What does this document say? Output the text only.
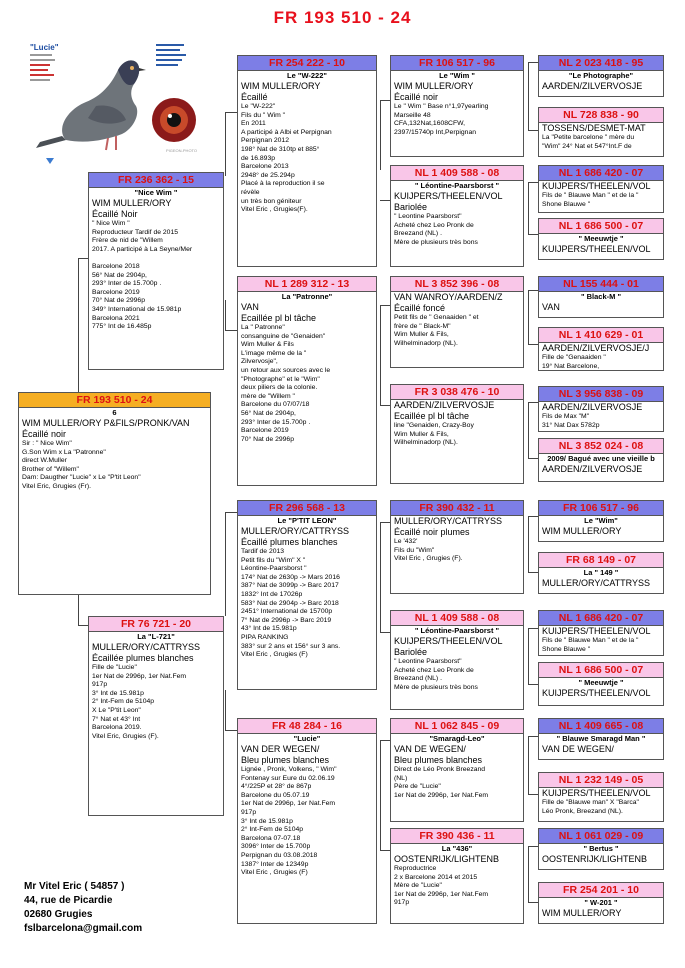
FR 193 510 - 24
"Lucie"
PIGEON-PHOTO
FR 193 510 - 24
6
WIM MULLER/ORY P&FILS/PRONK/VAN
Écaillé noir
Sir : " Nice Wim"
G.Son Wim x La "Patronne"
direct W.Muller
Brother of "Willem"
Dam: Daugther "Lucie" x Le "P'tit Leon"
Vitel Eric, Grugies (Fr).
FR 236 362 - 15
"Nice Wim "
WIM MULLER/ORY
Écaillé Noir
" Nice Wim "
Reproducteur Tardif de 2015
Frère de nid de "Willem
2017. A participé à La Seyne/Mer

Barcelone 2018
56° Nat de 2904p,
293° Inter de 15.700p .
Barcelone 2019
70° Nat de 2996p
349° International de 15.981p
Barcelona 2021
775° Int de 16.485p
FR 76 721 - 20
La "L-721"
MULLER/ORY/CATTRYSS
Écaillée plumes blanches
Fille de "Lucie"
1er Nat de 2996p, 1er Nat.Fem
917p
3° Int de 15.981p
2° Int-Fem de 5104p
X Le "P'tit Leon"
7° Nat et 43° Int
Barcelona 2019.
Vitel Eric, Grugies (F).
FR 254 222 - 10
Le "W-222"
WIM MULLER/ORY
Écaillé
Le "W-222"
Fils du " Wim "
En 2011
A participé à Albi et Perpignan
Perpignan 2012
198° Nat de 310tp et 885°
de 16.893p
Barcelone 2013
2948° de 25.294p
Placé à la reproduction il se
révèle
un très bon géniteur
Vitel Eric , Grugies(F).
NL 1 289 312 - 13
La "Patronne"
VAN
Ecaillée pl bl tâche
La " Patronne"
consanguine de "Genaiden"
Wim Muller & Fils
L'image même de la "
Zilvervosje",
un retour aux sources avec le
"Photographe" et le "Wim"
deux piliers de la colonie.
mère de "Willem "
Barcelone du 07/07/18
56° Nat de 2904p,
293° Inter de 15.700p .
Barcelone 2019
70° Nat de 2996p
FR 296 568 - 13
Le "P'TIT LEON"
MULLER/ORY/CATTRYSS
Écaillé plumes blanches
Tardif de 2013
Petit fils du "Wim" X "
Léontine-Paarsborst "
174° Nat de 2630p -> Mars 2016
387° Nat de 3099p -> Barc 2017
1832° Int de 17026p
583° Nat de 2904p -> Barc 2018
2451° International de 15700p
7° Nat de 2996p -> Barc 2019
43° Int de 15.981p
PIPA RANKING
383° sur 2 ans et 156° sur 3 ans.
Vitel Eric , Grugies (F)
FR 48 284 - 16
"Lucie"
VAN DER WEGEN/
Bleu plumes blanches
Lignée , Pronk, Volkens, " Wim"
Fontenay sur Eure du 02.06.19
4°/225P et 28° de 867p
Barcelone du 05.07.19
1er Nat de 2996p, 1er Nat.Fem
917p
3° Int de 15.981p
2° Int-Fem de 5104p
Barcelona 07-07.18
3096° Inter de 15.700p
Perpignan du 03.08.2018
1387° Inter de 12349p
Vitel Eric , Grugies (F)
FR 106 517 - 96
Le "Wim "
WIM MULLER/ORY
Écaillé noir
Le " Wim " Base n°1,97yearling
Marseille 48
CFA,132Nat,1608CFW,
2397/15740p Int,Perpignan
NL 1 409 588 - 08
" Léontine-Paarsborst "
KUIJPERS/THEELEN/VOL
Bariolée
" Leontine Paarsborst"
Acheté chez Leo Pronk de
Breezand (NL) .
Mère de plusieurs très bons
NL 3 852 396 - 08
VAN WANROY/AARDEN/Z
Écaillé foncé
Petit fils de " Genaaiden " et
frère de " Black-M"
Wim Muller & Fils,
Wilhelminadorp (NL).
FR 3 038 476 - 10
AARDEN/ZILVERVOSJE
Ecaillée pl bl tâche
line "Genaiden, Crazy-Boy
Wim Muller & Fils,
Wilhelminadorp (NL).
FR 390 432 - 11
MULLER/ORY/CATTRYSS
Écaillé noir plumes
Le '432'
Fils du "Wim"
Vitel Eric , Grugies (F).
NL 1 409 588 - 08
" Léontine-Paarsborst "
KUIJPERS/THEELEN/VOL
Bariolée
" Leontine Paarsborst"
Acheté chez Leo Pronk de
Breezand (NL) .
Mère de plusieurs très bons
NL 1 062 845 - 09
"Smaragd-Leo"
VAN DE WEGEN/
Bleu plumes blanches
Direct de Léo Pronk Breezand
(NL)
Père de "Lucie"
1er Nat de 2996p, 1er Nat.Fem
FR 390 436 - 11
La "436"
OOSTENRIJK/LIGHTENB
Reproductrice
2 x Barcelone 2014 et 2015
Mère de "Lucie"
1er Nat de 2996p, 1er Nat.Fem
917p
NL 2 023 418 - 95
"Le Photographe"
AARDEN/ZILVERVOSJE
NL 728 838 - 90
TOSSENS/DESMET-MAT
La "Petite barcelone " mère du
"Wim" 24° Nat et 547°Int.F de
NL 1 686 420 - 07
KUIJPERS/THEELEN/VOL
Fils de " Blauwe Man " et de la "
Shone Blauwe "
NL 1 686 500 - 07
" Meeuwtje "
KUIJPERS/THEELEN/VOL
NL 155 444 - 01
" Black-M "
VAN
NL 1 410 629 - 01
AARDEN/ZILVERVOSJE/J
Fille de "Genaaiden "
19° Nat Barcelone,
NL 3 956 838 - 09
AARDEN/ZILVERVOSJE
Fils de Max "M"
31° Nat Dax 5782p
NL 3 852 024 - 08
2009/ Bagué avec une vieille b
AARDEN/ZILVERVOSJE
FR 106 517 - 96
Le "Wim"
WIM MULLER/ORY
FR 68 149 - 07
La " 149 "
MULLER/ORY/CATTRYSS
NL 1 686 420 - 07
KUIJPERS/THEELEN/VOL
Fils de " Blauwe Man " et de la "
Shone Blauwe "
NL 1 686 500 - 07
" Meeuwtje "
KUIJPERS/THEELEN/VOL
NL 1 409 665 - 08
" Blauwe Smaragd Man "
VAN DE WEGEN/
NL 1 232 149 - 05
KUIJPERS/THEELEN/VOL
Fille de "Blauwe man" X "Barca"
Léo Pronk, Breezand (NL).
NL 1 061 029 - 09
" Bertus "
OOSTENRIJK/LIGHTENB
FR 254 201 - 10
" W-201 "
WIM MULLER/ORY
Mr Vitel Eric ( 54857 )
44, rue de Picardie
02680 Grugies
fslbarcelona@gmail.com
